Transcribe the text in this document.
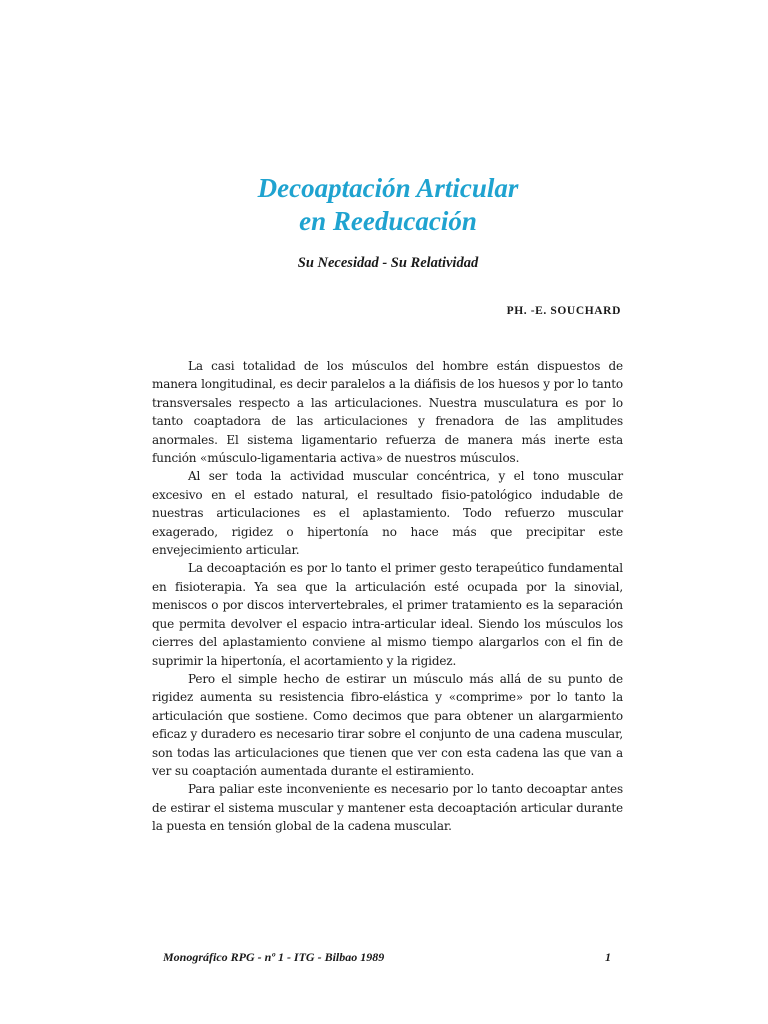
Decoaptación Articular
en Reeducación

Su Necesidad - Su Relatividad

PH. -E. SOUCHARD

La casi totalidad de los músculos del hombre están dispuestos de manera longitudinal, es decir paralelos a la diáfisis de los huesos y por lo tanto transversales respecto a las articulaciones. Nuestra musculatura es por lo tanto coaptadora de las articulaciones y frenadora de las amplitudes anormales. El sistema ligamentario refuerza de manera más inerte esta función «músculo-ligamentaria activa» de nuestros músculos.

Al ser toda la actividad muscular concéntrica, y el tono muscular excesivo en el estado natural, el resultado fisio-patológico indudable de nuestras articulaciones es el aplastamiento. Todo refuerzo muscular exagerado, rigidez o hipertonía no hace más que precipitar este envejecimiento articular.

La decoaptación es por lo tanto el primer gesto terapeútico fundamental en fisioterapia. Ya sea que la articulación esté ocupada por la sinovial, meniscos o por discos intervertebrales, el primer tratamiento es la separación que permita devolver el espacio intra-articular ideal. Siendo los músculos los cierres del aplastamiento conviene al mismo tiempo alargarlos con el fin de suprimir la hipertonía, el acortamiento y la rigidez.

Pero el simple hecho de estirar un músculo más allá de su punto de rigidez aumenta su resistencia fibro-elástica y «comprime» por lo tanto la articulación que sostiene. Como decimos que para obtener un alargarmiento eficaz y duradero es necesario tirar sobre el conjunto de una cadena muscular, son todas las articulaciones que tienen que ver con esta cadena las que van a ver su coaptación aumentada durante el estiramiento.

Para paliar este inconveniente es necesario por lo tanto decoaptar antes de estirar el sistema muscular y mantener esta decoaptación articular durante la puesta en tensión global de la cadena muscular.

Monográfico RPG - nº 1 - ITG - Bilbao 1989	1
